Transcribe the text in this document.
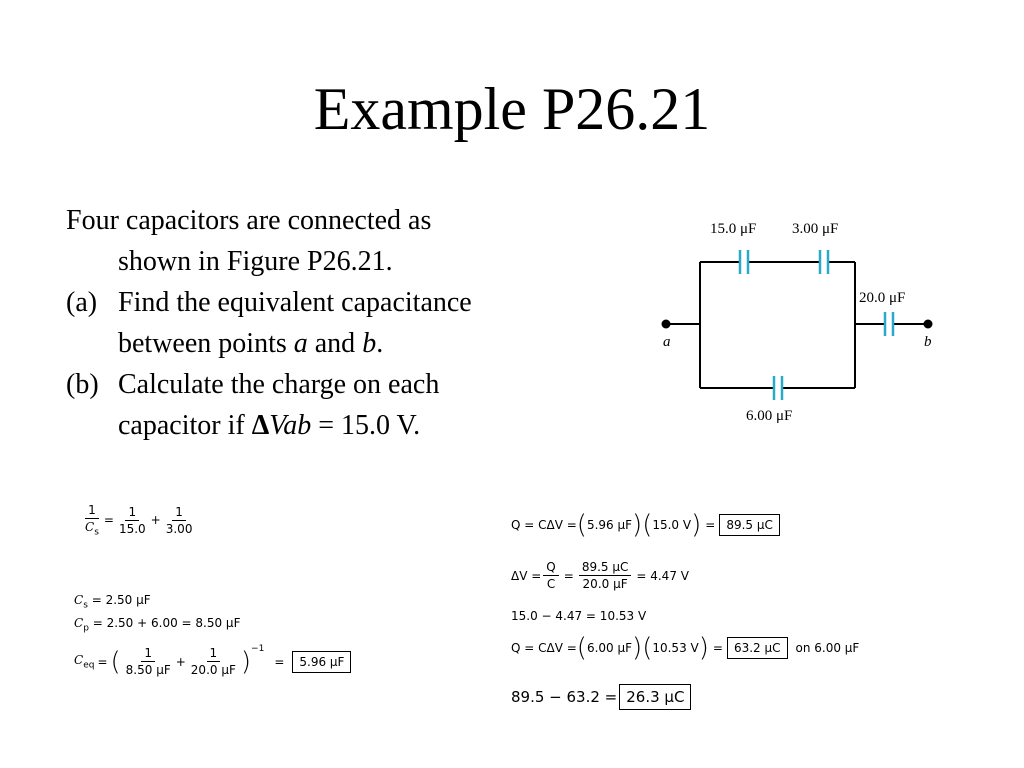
Example P26.21
Four capacitors are connected as
shown in Figure P26.21.
(a) Find the equivalent capacitance
between points a and b.
(b) Calculate the charge on each
capacitor if ΔVab = 15.0 V.
15.0 μF 3.00 μF
20.0 μF
6.00 μF
a	b
$\frac{1}{C_s} = \frac{1}{15.0} + \frac{1}{3.00}$
$C_s = 2.50$ μF
$C_p = 2.50 + 6.00 = 8.50$ μF
$C_{eq}$ = ( $\frac{1}{8.50 \mu F} + \frac{1}{20.0 \mu F} )^{-1}$
=	5.96 μF
Q = CΔV = ( 5.96 μF ) ( 15.0 V ) = 89.5 μC
$\Delta V = \frac{Q}{C} = \frac{89.5 \mu C}{20.0 \mu F} = 4.47$ V
15.0 − 4.47 = 10.53 V
Q = CΔV = ( 6.00 μF ) ( 10.53 V ) = 63.2 μC	on 6.00 μF
89.5 − 63.2 = 26.3 μC
